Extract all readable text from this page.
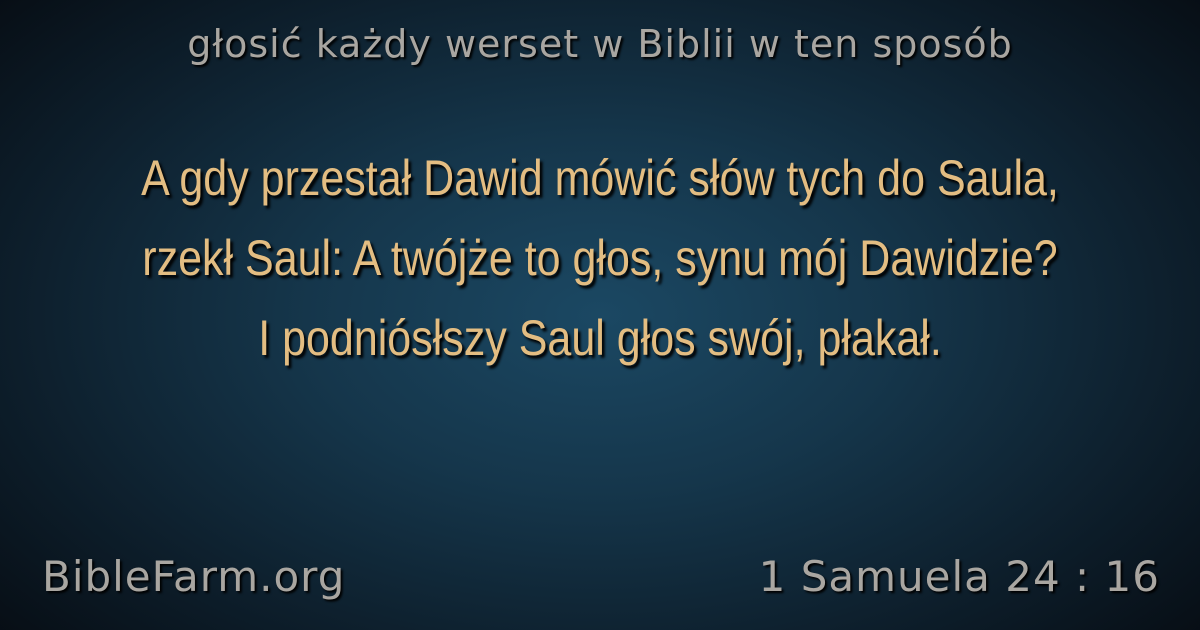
głosić każdy werset w Biblii w ten sposób
A gdy przestał Dawid mówić słów tych do Saula, rzekł Saul: A twójże to głos, synu mój Dawidzie? I podniósłszy Saul głos swój, płakał.
BibleFarm.org	1 Samuela 24 : 16
